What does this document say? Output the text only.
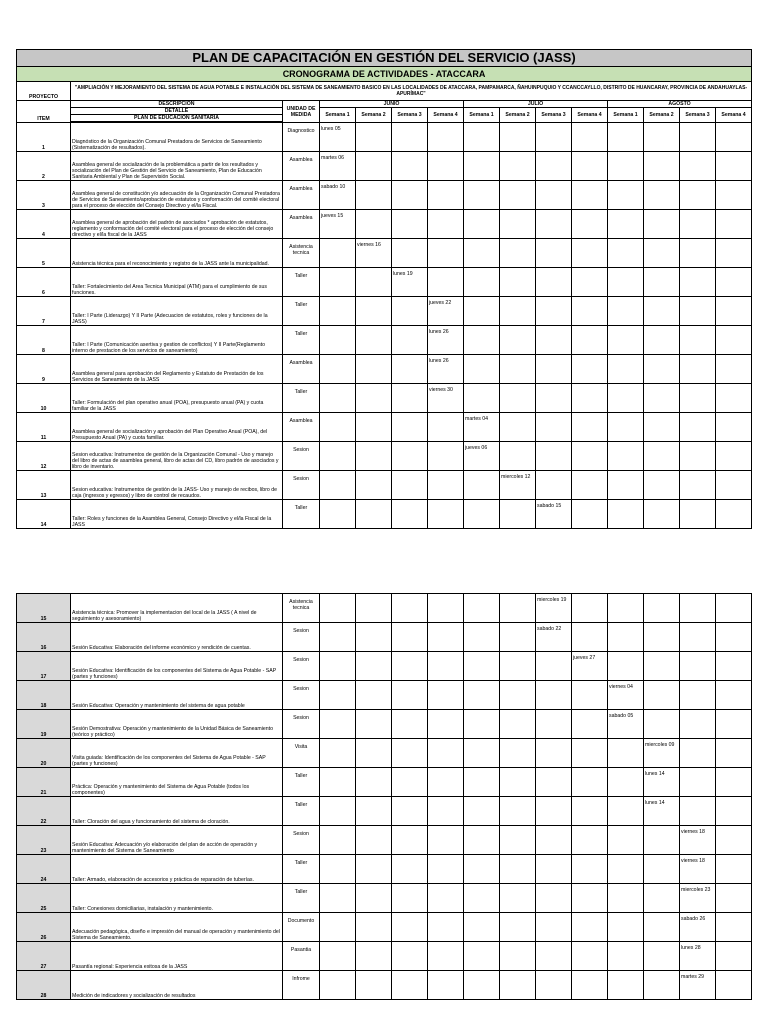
PLAN DE CAPACITACIÓN EN GESTIÓN DEL SERVICIO (JASS)														
CRONOGRAMA DE ACTIVIDADES - ATACCARA														
PROYECTO	"AMPLIACIÓN Y MEJORAMIENTO DEL SISTEMA DE AGUA POTABLE E INSTALACIÓN DEL SISTEMA DE SANEAMIENTO BASICO EN LAS LOCALIDADES DE ATACCARA, PAMPAMARCA, ÑAHUINPUQUIO Y CCANCCAYLLO, DISTRITO DE HUANCARAY, PROVINCIA DE ANDAHUAYLAS- APURÍMAC"													
ITEM	DESCRIPCION	UNIDAD DE MEDIDA	JUNIO				JULIO				AGOSTO			
	DETALLE		Semana 1	Semana 2	Semana 3	Semana 4	Semana 1	Semana 2	Semana 3	Semana 4	Semana 1	Semana 2	Semana 3	Semana 4
	PLAN DE EDUCACION SANITARIA													

1	Diagnóstico de la Organización Comunal Prestadora de Servicios de Saneamiento (Sistematización de resultados).	Diagnostico	lunes 05											
2	Asamblea general de socialización de la problemática a partir de los resultados y socialización del Plan de Gestión del Servicio de Saneamiento, Plan de Educación Sanitaria Ambiental y Plan de Supervisión Social.	Asamblea	martes 06											
3	Asamblea general de constitución y/o adecuación de la Organización Comunal Prestadora de Servicios de Saneamiento/aprobación de estatutos y conformación del comité electoral para el proceso de elección del Consejo Directivo y el/la Fiscal.	Asamblea	sabado 10											
4	Asamblea general de aprobación del padrón de asociados * aprobación de estatutos, reglamento y conformación del comité electoral para el proceso de elección del consejo directivo y el/la fiscal de la JASS	Asamblea	jueves 15											
5	Asistencia técnica para el reconocimiento y registro de la JASS ante la municipalidad.	Asistencia tecnica		viernes 16										
6	Taller: Fortalecimiento del Area Tecnica Municipal (ATM) para el cumplimiento de sus funciones.	Taller			lunes 19									
7	Taller: I Parte (Liderazgo) Y II Parte (Adecuacion de estatutos, roles y funciones de la JASS)	Taller				jueves 22								
8	Taller: I Parte (Comunicación asertiva y gestion de conflictos) Y II Parte(Reglamento interno de prestacion de los servicios de saneamiento)	Taller				lunes 26								
9	Asamblea general para aprobación del Reglamento y Estatuto de Prestación de los Servicios de Saneamiento de la JASS	Asamblea				lunes 26								
10	Taller: Formulación del plan operativo anual (POA), presupuesto anual (PA) y cuota familiar de la JASS	Taller				viernes 30								
11	Asamblea general de socialización y aprobación del Plan Operativo Anual (POA), del Presupuesto Anual (PA) y cuota familiar.	Asamblea					martes 04							
12	Sesion educativa: Instrumentos de gestión de la Organización Comunal - Uso y manejo del libro de actas de asamblea general, libro de actas del CD, libro padrón de asociados y libro de inventario.	Sesion					jueves 06							
13	Sesion educativa: Instrumentos de gestión de la JASS- Uso y manejo de recibos, libro de caja (ingresos y egresos) y libro de control de recaudos.	Sesion						miercoles 12						
14	Taller: Roles y funciones de la Asamblea General, Consejo Directivo y el/la Fiscal de la JASS	Taller							sabado 15					
15	Asistencia técnica: Promover la implementacion del local de la JASS ( A nivel de seguimiento y asesoramiento)	Asistencia tecnica							miercoles 19					
16	Sesión Educativa: Elaboración del informe económico y rendición de cuentas.	Sesion							sabado 22					
17	Sesión Educativa: Identificación de los componentes del Sistema de Agua Potable - SAP (partes y funciones)	Sesion								jueves 27				
18	Sesión Educativa: Operación y mantenimiento del sistema de agua potable	Sesion									viernes 04			
19	Sesión Demostrativa: Operación y mantenimiento de la Unidad Básica de Saneamiento (teórico y práctico)	Sesion									sabado 05			
20	Visita guiada: Identificación de los componentes del Sistema de Agua Potable - SAP (partes y funciones)	Visita										miercoles 09		
21	Práctica: Operación y mantenimiento del Sistema de Agua Potable (todos los componentes)	Taller										lunes 14		
22	Taller: Cloración del agua y funcionamiento del sistema de cloración.	Taller										lunes 14		
23	Sesión Educativa: Adecuación y/o elaboración del plan de acción de operación y mantenimiento del Sistema de Saneamiento	Sesion											viernes 18	
24	Taller: Armado, elaboración de accesorios y práctica de reparación de tuberías.	Taller											viernes 18	
25	Taller: Conexiones domiciliarias, instalación y mantenimiento.	Taller											miercoles 23	
26	Adecuación pedagógica, diseño e impresión del manual de operación y mantenimiento del Sistema de Saneamiento.	Documento											sabado 26	
27	Pasantía regional: Experiencia exitosa de la JASS	Pasantia											lunes 28	
28	Medición de indicadores y socialización de resultados	Infrome											martes 29	
